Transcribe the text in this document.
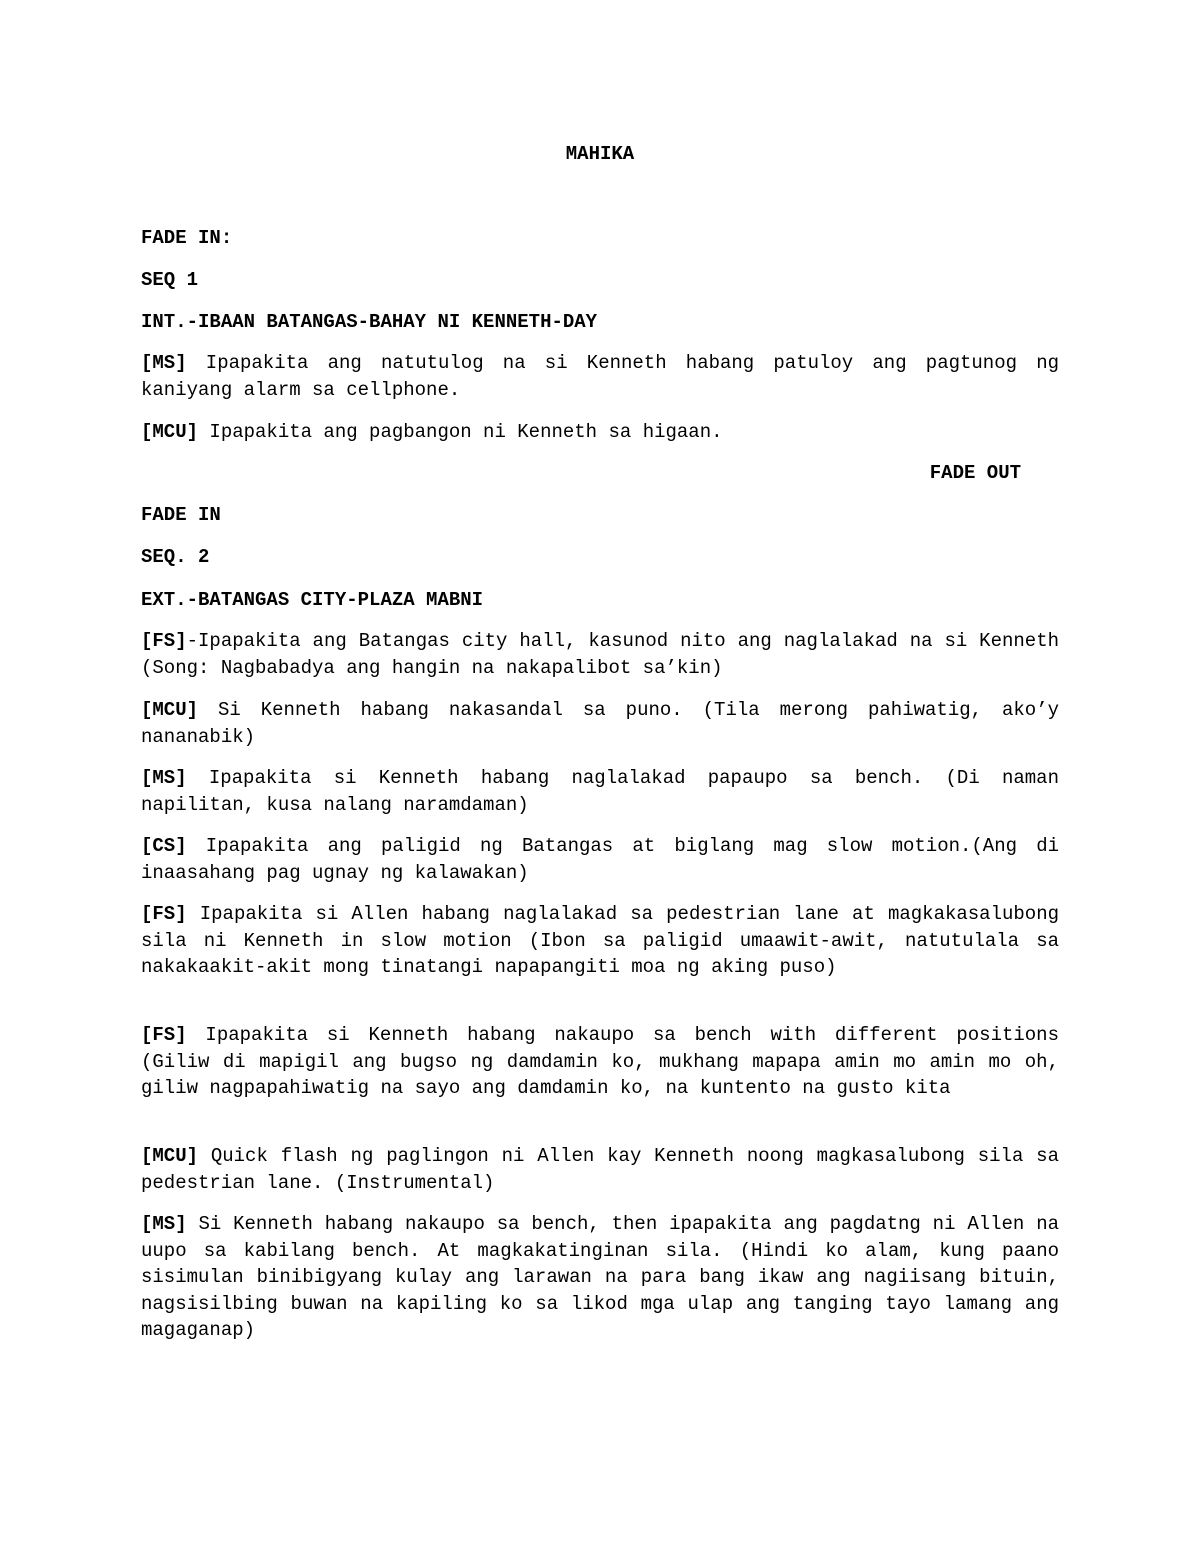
MAHIKA
FADE IN:
SEQ 1
INT.-IBAAN BATANGAS-BAHAY NI KENNETH-DAY

[MS] Ipapakita ang natutulog na si Kenneth habang patuloy ang pagtunog ng kaniyang alarm sa cellphone.

[MCU] Ipapakita ang pagbangon ni Kenneth sa higaan.

FADE OUT
FADE IN
SEQ. 2
EXT.-BATANGAS CITY-PLAZA MABNI

[FS]-Ipapakita ang Batangas city hall, kasunod nito ang naglalakad na si Kenneth (Song: Nagbabadya ang hangin na nakapalibot sa’kin)

[MCU] Si Kenneth habang nakasandal sa puno. (Tila merong pahiwatig, ako’y nananabik)

[MS] Ipapakita si Kenneth habang naglalakad papaupo sa bench. (Di naman napilitan, kusa nalang naramdaman)

[CS] Ipapakita ang paligid ng Batangas at biglang mag slow motion.(Ang di inaasahang pag ugnay ng kalawakan)

[FS] Ipapakita si Allen habang naglalakad sa pedestrian lane at magkakasalubong sila ni Kenneth in slow motion (Ibon sa paligid umaawit-awit, natutulala sa nakakaakit-akit mong tinatangi napapangiti moa ng aking puso)

[FS] Ipapakita si Kenneth habang nakaupo sa bench with different positions (Giliw di mapigil ang bugso ng damdamin ko, mukhang mapapa amin mo amin mo oh, giliw nagpapahiwatig na sayo ang damdamin ko, na kuntento na gusto kita

[MCU] Quick flash ng paglingon ni Allen kay Kenneth noong magkasalubong sila sa pedestrian lane. (Instrumental)

[MS] Si Kenneth habang nakaupo sa bench, then ipapakita ang pagdatng ni Allen na uupo sa kabilang bench. At magkakatinginan sila. (Hindi ko alam, kung paano sisimulan binibigyang kulay ang larawan na para bang ikaw ang nagiisang bituin, nagsisilbing buwan na kapiling ko sa likod mga ulap ang tanging tayo lamang ang magaganap)
